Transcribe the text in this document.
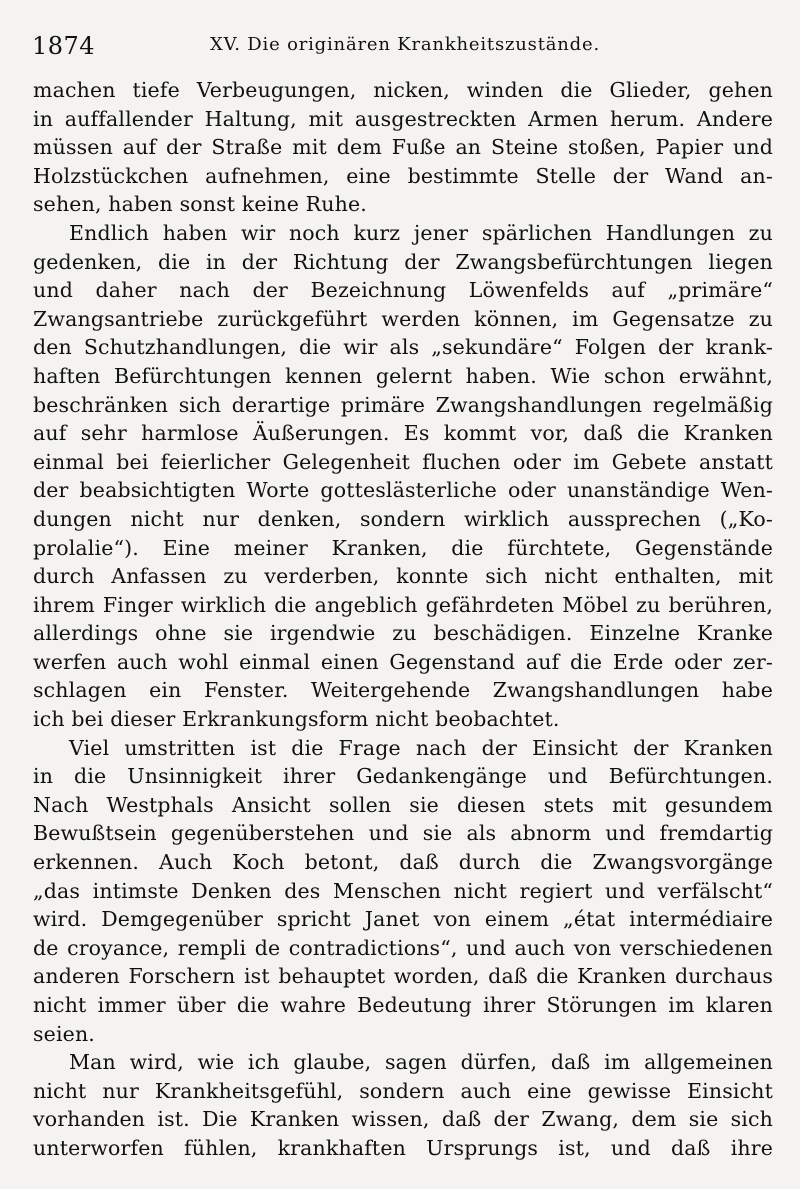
1874	XV. Die originären Krankheitszustände.
machen tiefe Verbeugungen, nicken, winden die Glieder, gehen
in auffallender Haltung, mit ausgestreckten Armen herum. Andere
müssen auf der Straße mit dem Fuße an Steine stoßen, Papier und
Holzstückchen aufnehmen, eine bestimmte Stelle der Wand an-
sehen, haben sonst keine Ruhe.
Endlich haben wir noch kurz jener spärlichen Handlungen zu
gedenken, die in der Richtung der Zwangsbefürchtungen liegen
und daher nach der Bezeichnung Löwenfelds auf „primäre“
Zwangsantriebe zurückgeführt werden können, im Gegensatze zu
den Schutzhandlungen, die wir als „sekundäre“ Folgen der krank-
haften Befürchtungen kennen gelernt haben. Wie schon erwähnt,
beschränken sich derartige primäre Zwangshandlungen regelmäßig
auf sehr harmlose Äußerungen. Es kommt vor, daß die Kranken
einmal bei feierlicher Gelegenheit fluchen oder im Gebete anstatt
der beabsichtigten Worte gotteslästerliche oder unanständige Wen-
dungen nicht nur denken, sondern wirklich aussprechen („Ko-
prolalie“). Eine meiner Kranken, die fürchtete, Gegenstände
durch Anfassen zu verderben, konnte sich nicht enthalten, mit
ihrem Finger wirklich die angeblich gefährdeten Möbel zu berühren,
allerdings ohne sie irgendwie zu beschädigen. Einzelne Kranke
werfen auch wohl einmal einen Gegenstand auf die Erde oder zer-
schlagen ein Fenster. Weitergehende Zwangshandlungen habe
ich bei dieser Erkrankungsform nicht beobachtet.
Viel umstritten ist die Frage nach der Einsicht der Kranken
in die Unsinnigkeit ihrer Gedankengänge und Befürchtungen.
Nach Westphals Ansicht sollen sie diesen stets mit gesundem
Bewußtsein gegenüberstehen und sie als abnorm und fremdartig
erkennen. Auch Koch betont, daß durch die Zwangsvorgänge
„das intimste Denken des Menschen nicht regiert und verfälscht“
wird. Demgegenüber spricht Janet von einem „état intermédiaire
de croyance, rempli de contradictions“, und auch von verschiedenen
anderen Forschern ist behauptet worden, daß die Kranken durchaus
nicht immer über die wahre Bedeutung ihrer Störungen im klaren
seien.
Man wird, wie ich glaube, sagen dürfen, daß im allgemeinen
nicht nur Krankheitsgefühl, sondern auch eine gewisse Einsicht
vorhanden ist. Die Kranken wissen, daß der Zwang, dem sie sich
unterworfen fühlen, krankhaften Ursprungs ist, und daß ihre
